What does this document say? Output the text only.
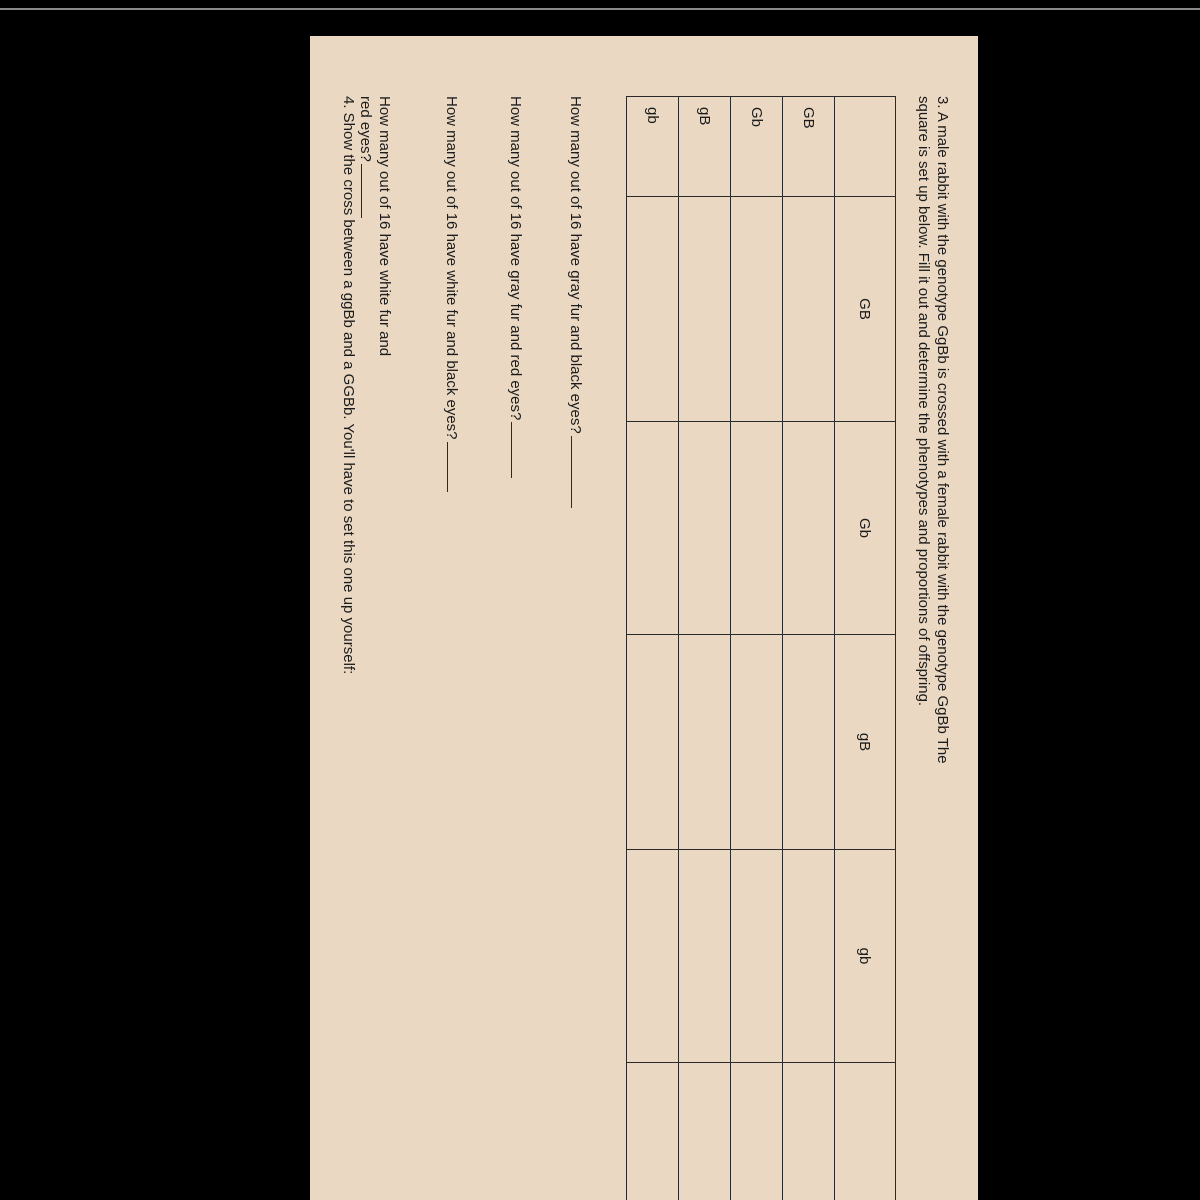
3. A male rabbit with the genotype GgBb is crossed with a female rabbit with the genotype GgBb The
square is set up below. Fill it out and determine the phenotypes and proportions of offspring.
	GB	Gb	gB	gb	
GB					
Gb					
gB					
gb					
How many out of 16 have gray fur and black eyes?
How many out of 16 have gray fur and red eyes?
How many out of 16 have white fur and black eyes?
How many out of 16 have white fur and
red eyes?
4. Show the cross between a ggBb and a GGBb. You'll have to set this one up yourself:
